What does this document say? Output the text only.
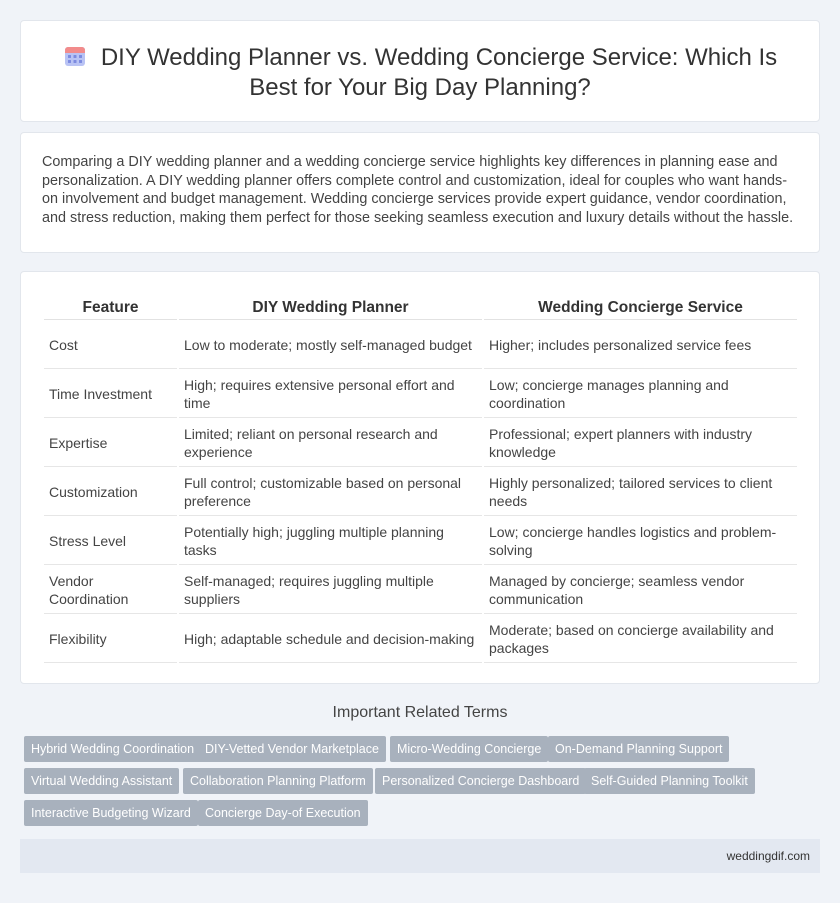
DIY Wedding Planner vs. Wedding Concierge Service: Which Is Best for Your Big Day Planning?

Comparing a DIY wedding planner and a wedding concierge service highlights key differences in planning ease and personalization. A DIY wedding planner offers complete control and customization, ideal for couples who want hands-on involvement and budget management. Wedding concierge services provide expert guidance, vendor coordination, and stress reduction, making them perfect for those seeking seamless execution and luxury details without the hassle.

Feature	DIY Wedding Planner	Wedding Concierge Service
Cost	Low to moderate; mostly self-managed budget	Higher; includes personalized service fees
Time Investment	High; requires extensive personal effort and time	Low; concierge manages planning and coordination
Expertise	Limited; reliant on personal research and experience	Professional; expert planners with industry knowledge
Customization	Full control; customizable based on personal preference	Highly personalized; tailored services to client needs
Stress Level	Potentially high; juggling multiple planning tasks	Low; concierge handles logistics and problem-solving
Vendor Coordination	Self-managed; requires juggling multiple suppliers	Managed by concierge; seamless vendor communication
Flexibility	High; adaptable schedule and decision-making	Moderate; based on concierge availability and packages
Important Related Terms
Hybrid Wedding Coordination DIY-Vetted Vendor Marketplace	Micro-Wedding Concierge	On-Demand Planning Support
Virtual Wedding Assistant	Collaboration Planning Platform	Personalized Concierge Dashboard Self-Guided Planning Toolkit
Interactive Budgeting Wizard	Concierge Day-of Execution
weddingdif.com
